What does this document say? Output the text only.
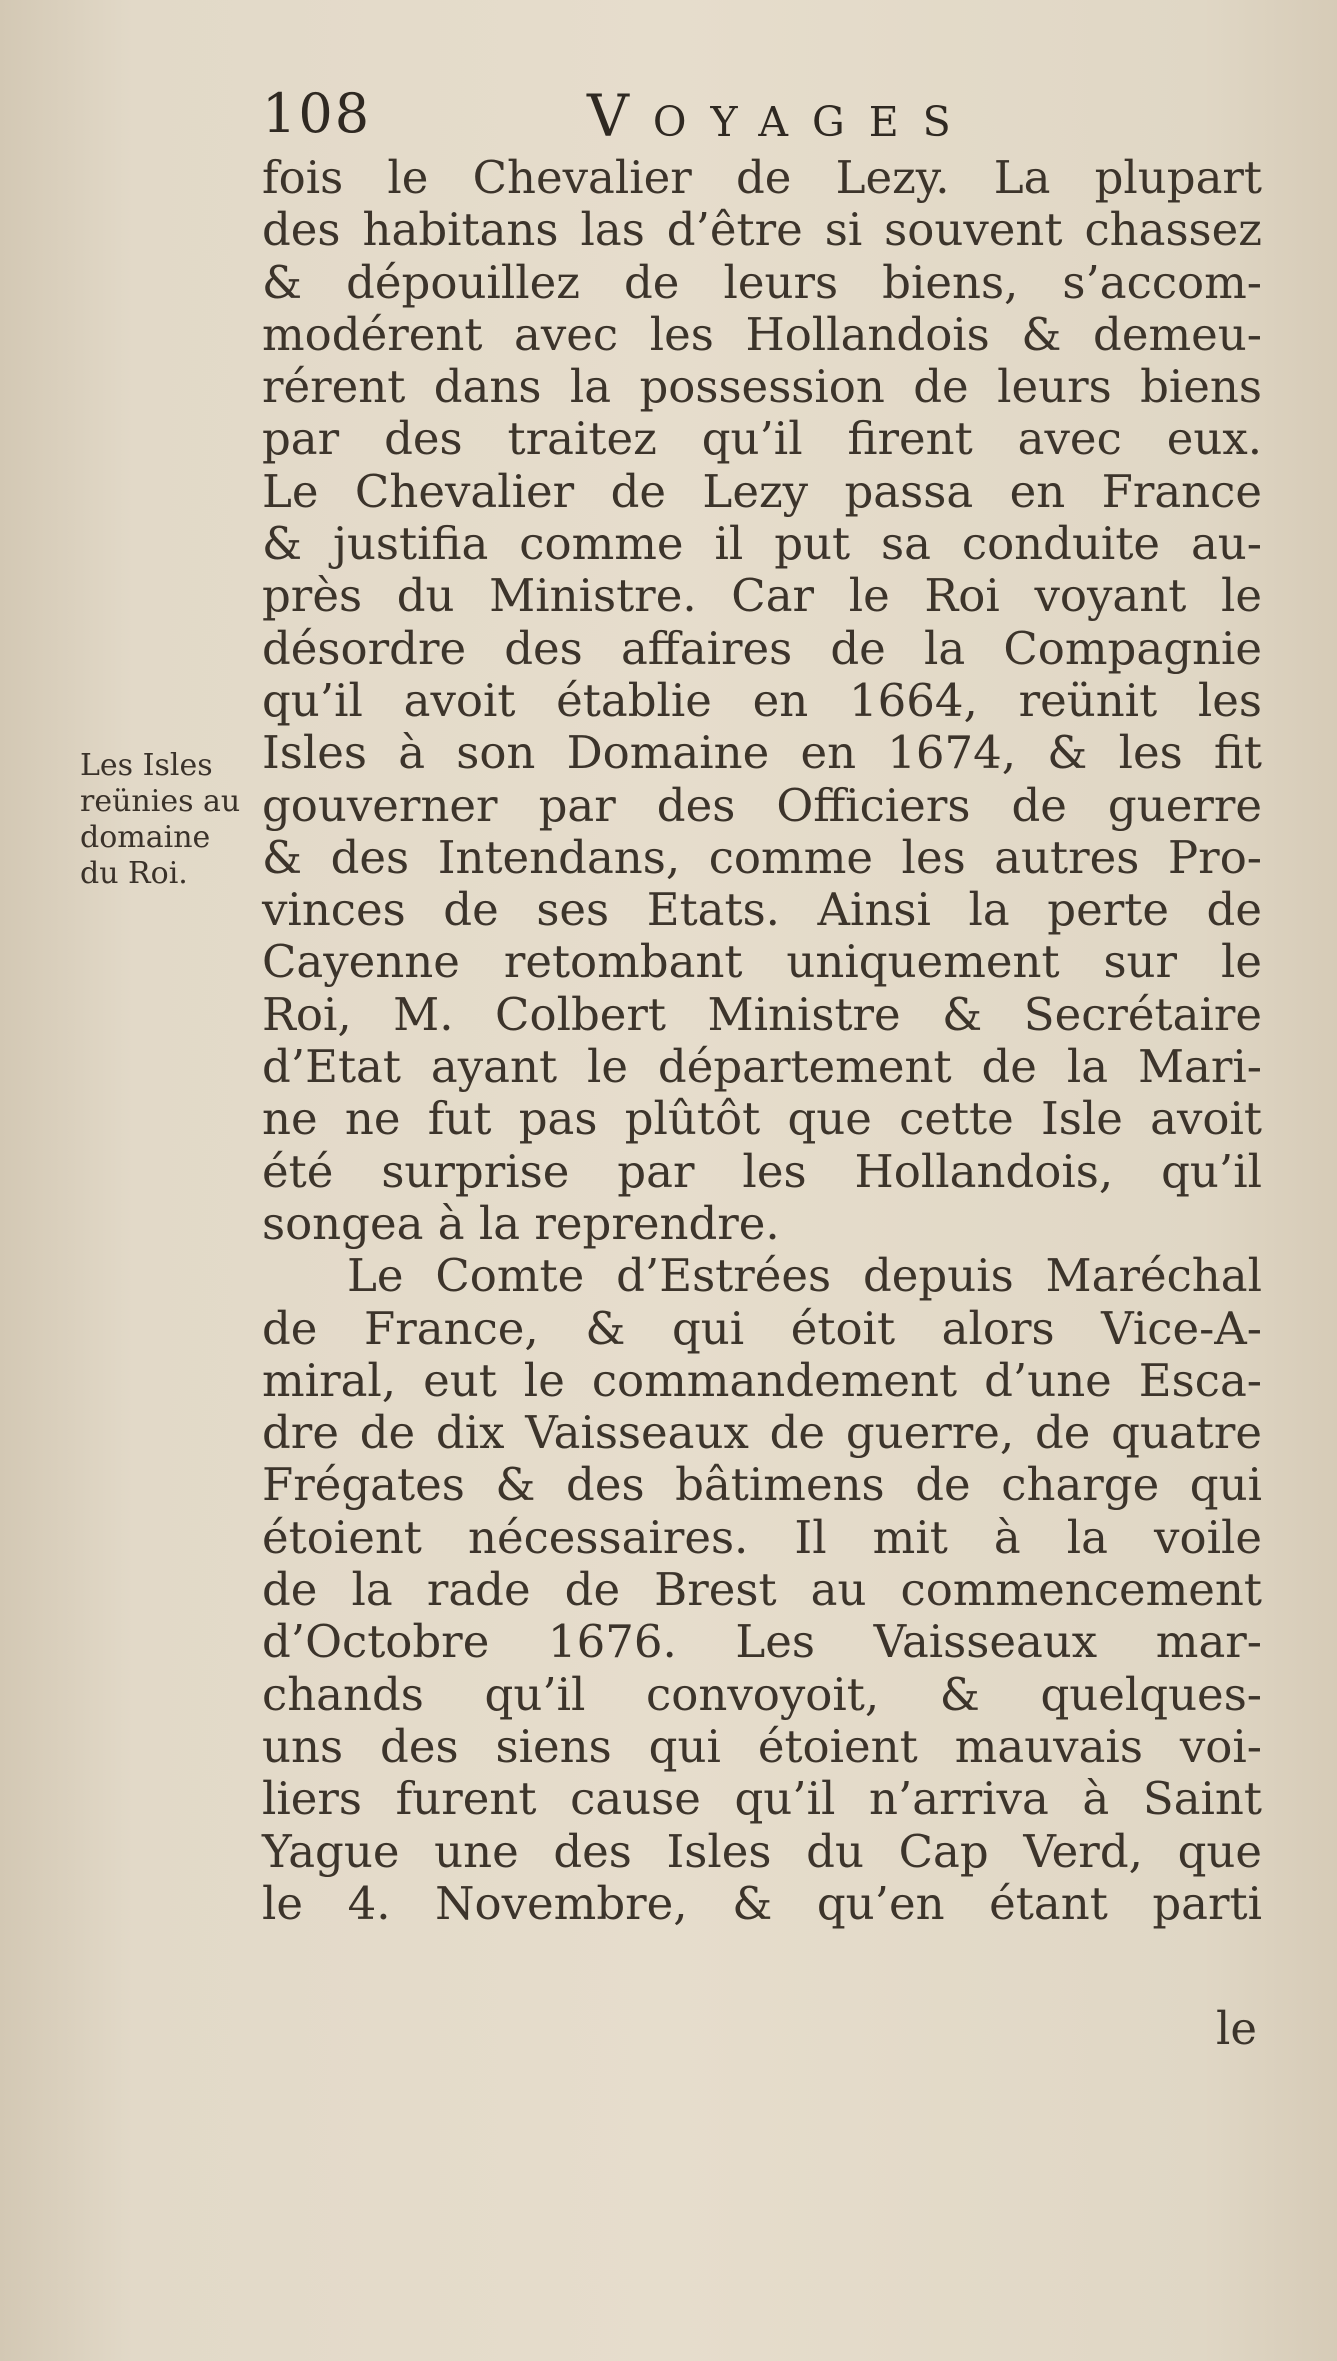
108	Voyages
Les Isles
reünies au
domaine
du Roi.
fois le Chevalier de Lezy. La plupart
des habitans las d’être si souvent chassez
& dépouillez de leurs biens, s’accom-
modérent avec les Hollandois & demeu-
rérent dans la possession de leurs biens
par des traitez qu’il firent avec eux.
Le Chevalier de Lezy passa en France
& justifia comme il put sa conduite au-
près du Ministre. Car le Roi voyant le
désordre des affaires de la Compagnie
qu’il avoit établie en 1664, reünit les
Isles à son Domaine en 1674, & les fit
gouverner par des Officiers de guerre
& des Intendans, comme les autres Pro-
vinces de ses Etats. Ainsi la perte de
Cayenne retombant uniquement sur le
Roi, M. Colbert Ministre & Secrétaire
d’Etat ayant le département de la Mari-
ne ne fut pas plûtôt que cette Isle avoit
été surprise par les Hollandois, qu’il
songea à la reprendre.
Le Comte d’Estrées depuis Maréchal
de France, & qui étoit alors Vice-A-
miral, eut le commandement d’une Esca-
dre de dix Vaisseaux de guerre, de quatre
Frégates & des bâtimens de charge qui
étoient nécessaires. Il mit à la voile
de la rade de Brest au commencement
d’Octobre 1676. Les Vaisseaux mar-
chands qu’il convoyoit, & quelques-
uns des siens qui étoient mauvais voi-
liers furent cause qu’il n’arriva à Saint
Yague une des Isles du Cap Verd, que
le 4. Novembre, & qu’en étant parti
le
